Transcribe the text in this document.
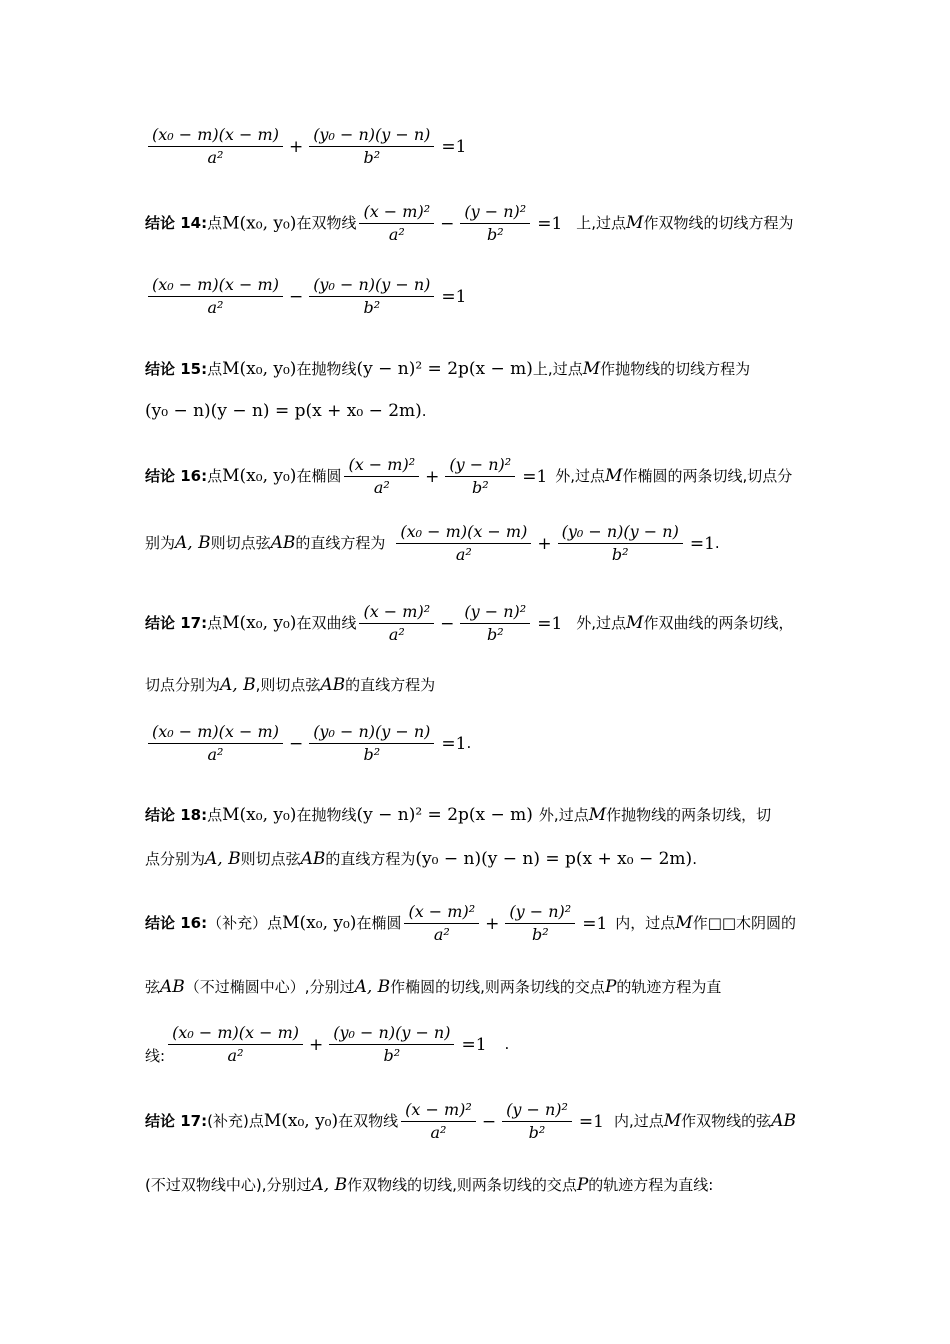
$\frac{\text{(x₀ − m)(x − m)}}{\text{a²}} + \frac{\text{(y₀ − n)(y − n)}}{\text{b²}} =1$
结论 14:点M(x₀, y₀)在双物线 $\frac{\text{(x − m)²}}{\text{a²}} - \frac{\text{(y − n)²}}{\text{b²}} =1$ 上,过点M作双物线的切线方程为
$\frac{\text{(x₀ − m)(x − m)}}{\text{a²}} - \frac{\text{(y₀ − n)(y − n)}}{\text{b²}} =1$
结论 15:点M(x₀, y₀)在抛物线(y − n)² = 2p(x − m)上,过点M作抛物线的切线方程为
(y₀ − n)(y − n) = p(x + x₀ − 2m).
结论 16:点M(x₀, y₀)在椭圆 $\frac{\text{(x − m)²}}{\text{a²}} + \frac{\text{(y − n)²}}{\text{b²}} =1$ 外,过点M作椭圆的两条切线,切点分
别为A, B则切点弦AB的直线方程为 $\frac{\text{(x₀ − m)(x − m)}}{\text{a²}} + \frac{\text{(y₀ − n)(y − n)}}{\text{b²}} =1$.
结论 17:点M(x₀, y₀)在双曲线 $\frac{\text{(x − m)²}}{\text{a²}} - \frac{\text{(y − n)²}}{\text{b²}} =1$ 外,过点M作双曲线的两条切线，
切点分别为A, B,则切点弦AB的直线方程为
$\frac{\text{(x₀ − m)(x − m)}}{\text{a²}} - \frac{\text{(y₀ − n)(y − n)}}{\text{b²}} =1$.
结论 18:点M(x₀, y₀)在抛物线(y − n)² = 2p(x − m) 外,过点M作抛物线的两条切线，切
点分别为A, B则切点弦AB的直线方程为(y₀ − n)(y − n) = p(x + x₀ − 2m).
结论 16:（补充）点M(x₀, y₀)在椭圆 $\frac{\text{(x − m)²}}{\text{a²}} + \frac{\text{(y − n)²}}{\text{b²}} =1$ 内，过点M作□□木阴圆的
弦AB（不过椭圆中心）,分别过A, B作椭圆的切线,则两条切线的交点P的轨迹方程为直
线: $\frac{\text{(x₀ − m)(x − m)}}{\text{a²}} + \frac{\text{(y₀ − n)(y − n)}}{\text{b²}} =1$ .
结论 17:(补充)点M(x₀, y₀)在双物线 $\frac{\text{(x − m)²}}{\text{a²}} - \frac{\text{(y − n)²}}{\text{b²}} =1$ 内,过点M作双物线的弦AB
(不过双物线中心),分别过A, B作双物线的切线,则两条切线的交点P的轨迹方程为直线:
